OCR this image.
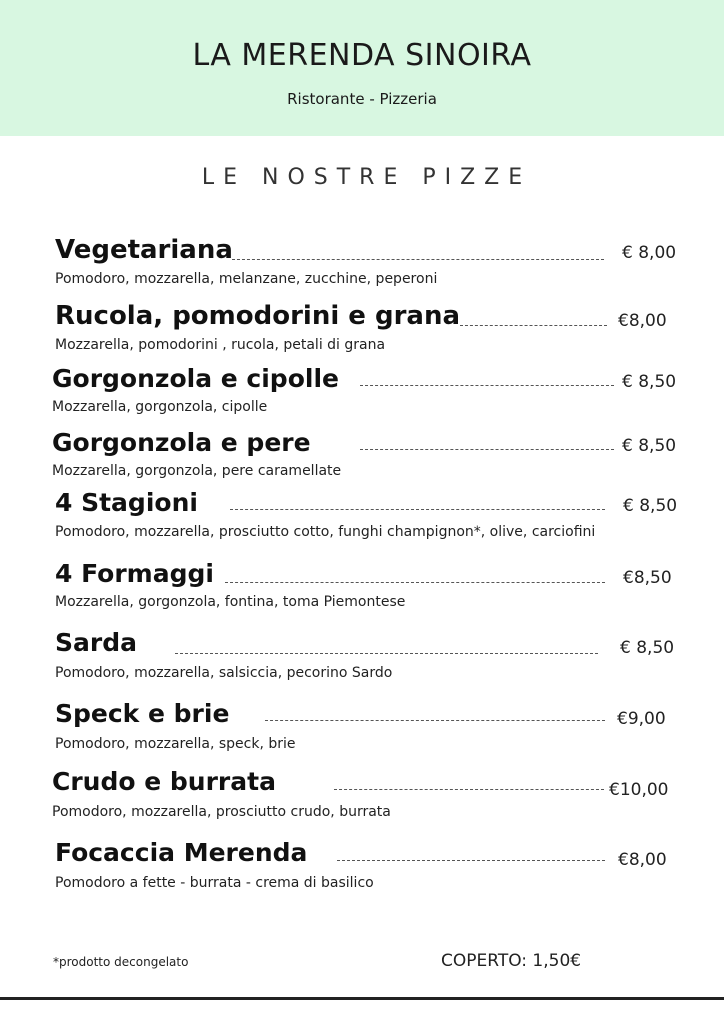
LA MERENDA SINOIRA
Ristorante - Pizzeria
LE NOSTRE PIZZE
Vegetariana	€ 8,00
Pomodoro, mozzarella, melanzane, zucchine, peperoni
Rucola, pomodorini e grana	€8,00
Mozzarella, pomodorini , rucola, petali di grana
Gorgonzola e cipolle	€ 8,50
Mozzarella, gorgonzola, cipolle
Gorgonzola e pere	€ 8,50
Mozzarella, gorgonzola, pere caramellate
4 Stagioni	€ 8,50
Pomodoro, mozzarella, prosciutto cotto, funghi champignon*, olive, carciofini
4 Formaggi	€8,50
Mozzarella, gorgonzola, fontina, toma Piemontese
Sarda	€ 8,50
Pomodoro, mozzarella, salsiccia, pecorino Sardo
Speck e brie	€9,00
Pomodoro, mozzarella, speck, brie
Crudo e burrata	€10,00
Pomodoro, mozzarella, prosciutto crudo, burrata
Focaccia Merenda	€8,00
Pomodoro a fette - burrata - crema di basilico
*prodotto decongelato	COPERTO: 1,50€
